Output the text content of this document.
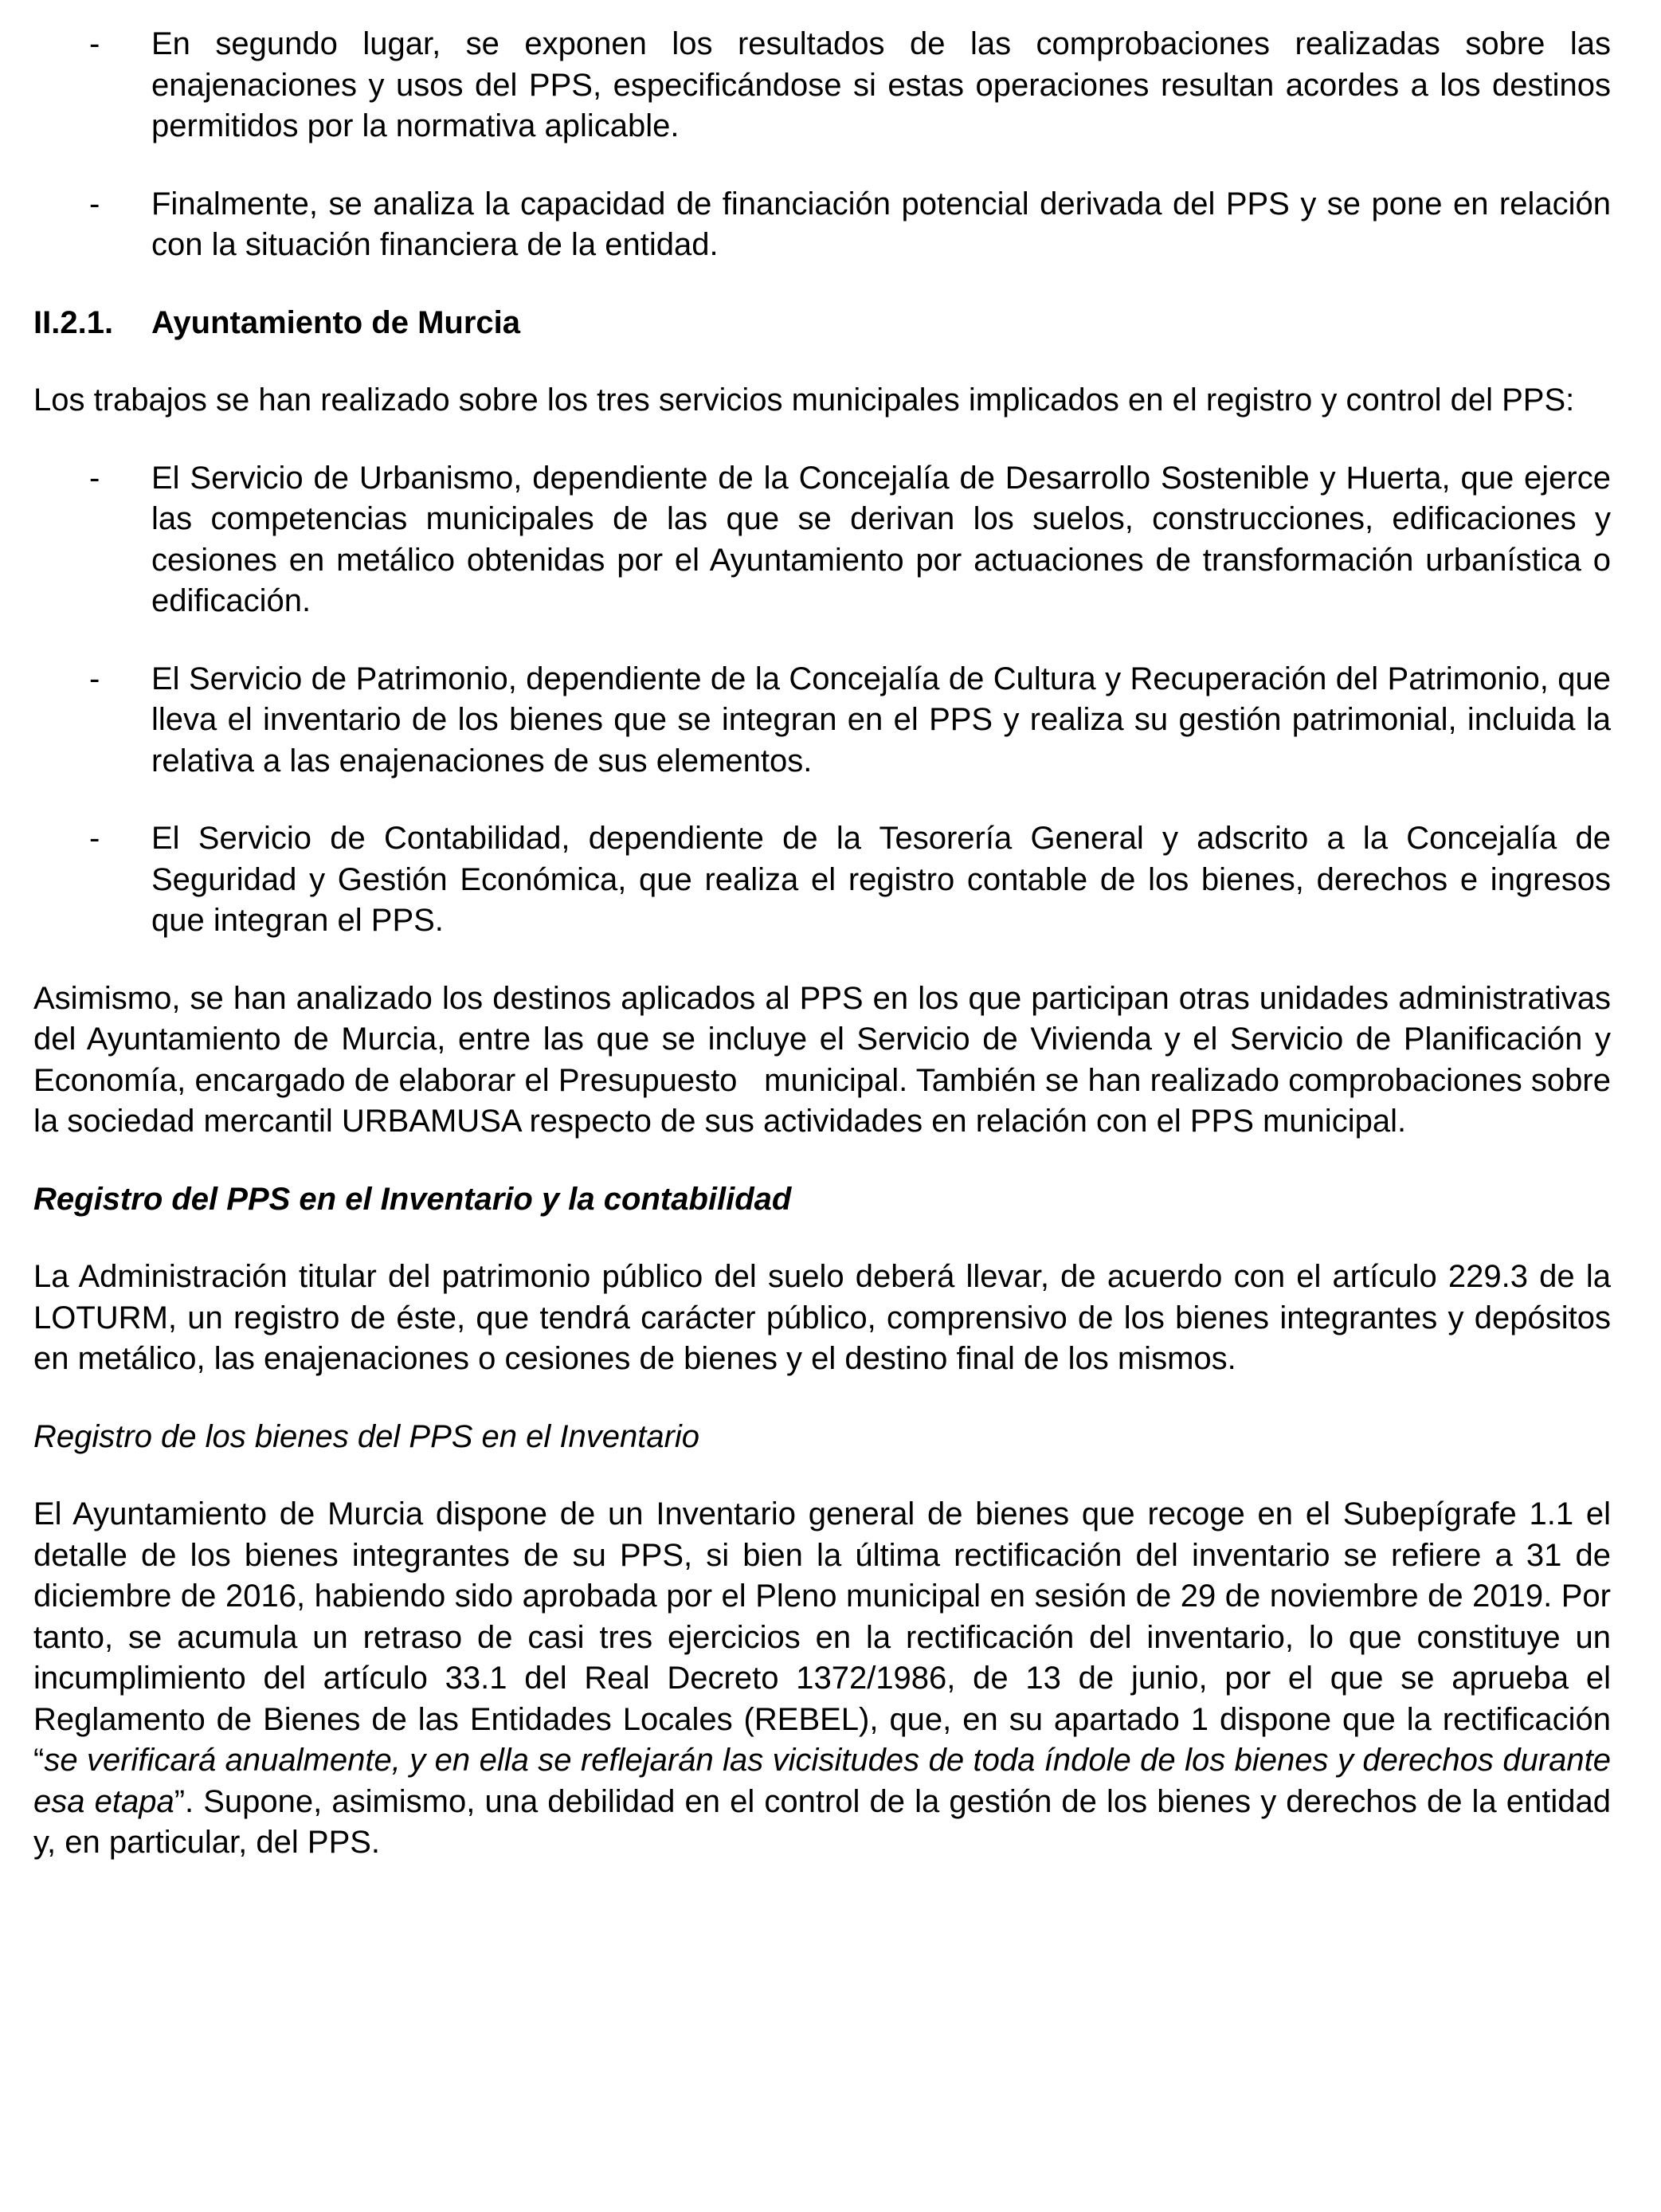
- En segundo lugar, se exponen los resultados de las comprobaciones realizadas sobre las enajenaciones y usos del PPS, especificándose si estas operaciones resultan acordes a los destinos permitidos por la normativa aplicable.
- Finalmente, se analiza la capacidad de financiación potencial derivada del PPS y se pone en relación con la situación financiera de la entidad.
II.2.1. Ayuntamiento de Murcia

Los trabajos se han realizado sobre los tres servicios municipales implicados en el registro y control del PPS:

- El Servicio de Urbanismo, dependiente de la Concejalía de Desarrollo Sostenible y Huerta, que ejerce las competencias municipales de las que se derivan los suelos, construcciones, edificaciones y cesiones en metálico obtenidas por el Ayuntamiento por actuaciones de transformación urbanística o edificación.
- El Servicio de Patrimonio, dependiente de la Concejalía de Cultura y Recuperación del Patrimonio, que lleva el inventario de los bienes que se integran en el PPS y realiza su gestión patrimonial, incluida la relativa a las enajenaciones de sus elementos.
- El Servicio de Contabilidad, dependiente de la Tesorería General y adscrito a la Concejalía de Seguridad y Gestión Económica, que realiza el registro contable de los bienes, derechos e ingresos que integran el PPS.

Asimismo, se han analizado los destinos aplicados al PPS en los que participan otras unidades administrativas del Ayuntamiento de Murcia, entre las que se incluye el Servicio de Vivienda y el Servicio de Planificación y Economía, encargado de elaborar el Presupuesto   municipal. También se han realizado comprobaciones sobre la sociedad mercantil URBAMUSA respecto de sus actividades en relación con el PPS municipal.

Registro del PPS en el Inventario y la contabilidad

La Administración titular del patrimonio público del suelo deberá llevar, de acuerdo con el artículo 229.3 de la LOTURM, un registro de éste, que tendrá carácter público, comprensivo de los bienes integrantes y depósitos en metálico, las enajenaciones o cesiones de bienes y el destino final de los mismos.

Registro de los bienes del PPS en el Inventario

El Ayuntamiento de Murcia dispone de un Inventario general de bienes que recoge en el Subepígrafe 1.1 el detalle de los bienes integrantes de su PPS, si bien la última rectificación del inventario se refiere a 31 de diciembre de 2016, habiendo sido aprobada por el Pleno municipal en sesión de 29 de noviembre de 2019. Por tanto, se acumula un retraso de casi tres ejercicios en la rectificación del inventario, lo que constituye un incumplimiento del artículo 33.1 del Real Decreto 1372/1986, de 13 de junio, por el que se aprueba el Reglamento de Bienes de las Entidades Locales (REBEL), que, en su apartado 1 dispone que la rectificación “se verificará anualmente, y en ella se reflejarán las vicisitudes de toda índole de los bienes y derechos durante esa etapa”. Supone, asimismo, una debilidad en el control de la gestión de los bienes y derechos de la entidad y, en particular, del PPS.
